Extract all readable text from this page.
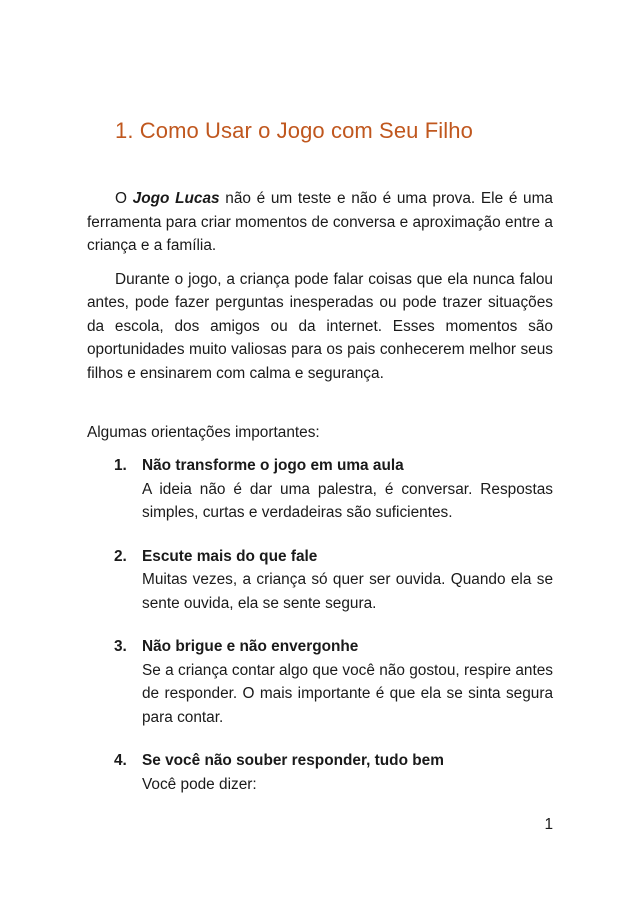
1. Como Usar o Jogo com Seu Filho

O Jogo Lucas não é um teste e não é uma prova. Ele é uma ferramenta para criar momentos de conversa e aproximação entre a criança e a família.

Durante o jogo, a criança pode falar coisas que ela nunca falou antes, pode fazer perguntas inesperadas ou pode trazer situações da escola, dos amigos ou da internet. Esses momentos são oportunidades muito valiosas para os pais conhecerem melhor seus filhos e ensinarem com calma e segurança.

Algumas orientações importantes:

1. Não transforme o jogo em uma aula
A ideia não é dar uma palestra, é conversar. Respostas simples, curtas e verdadeiras são suficientes.
2. Escute mais do que fale
Muitas vezes, a criança só quer ser ouvida. Quando ela se sente ouvida, ela se sente segura.
3. Não brigue e não envergonhe
Se a criança contar algo que você não gostou, respire antes de responder. O mais importante é que ela se sinta segura para contar.
4. Se você não souber responder, tudo bem
Você pode dizer:

1
